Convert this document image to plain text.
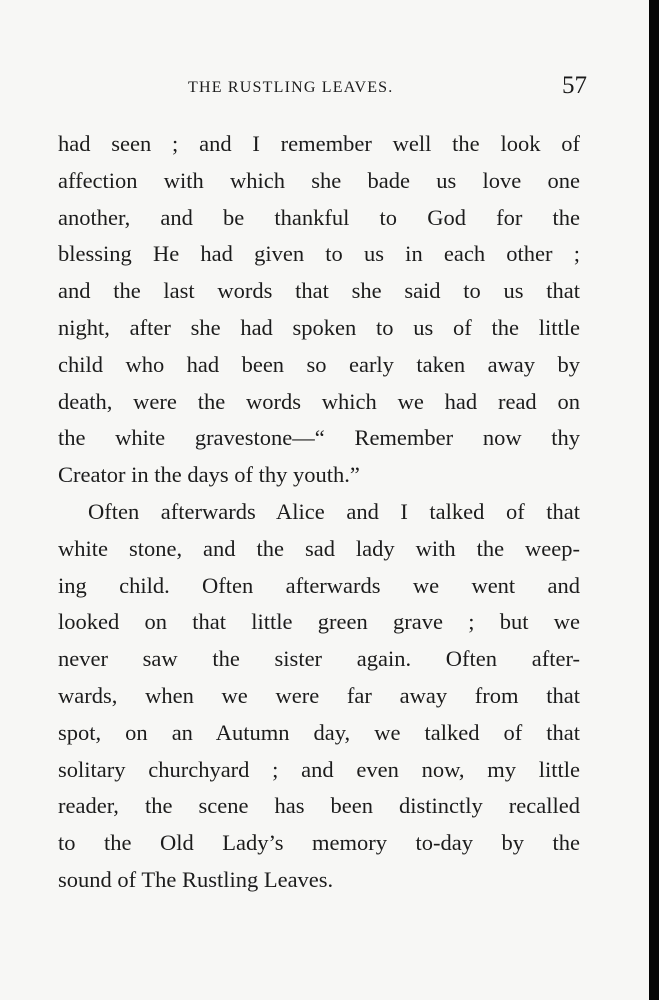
THE RUSTLING LEAVES.	57
had seen ; and I remember well the look of
affection with which she bade us love one
another, and be thankful to God for the
blessing He had given to us in each other ;
and the last words that she said to us that
night, after she had spoken to us of the little
child who had been so early taken away by
death, were the words which we had read on
the white gravestone—“ Remember now thy
Creator in the days of thy youth.”
Often afterwards Alice and I talked of that
white stone, and the sad lady with the weep-
ing child. Often afterwards we went and
looked on that little green grave ; but we
never saw the sister again. Often after-
wards, when we were far away from that
spot, on an Autumn day, we talked of that
solitary churchyard ; and even now, my little
reader, the scene has been distinctly recalled
to the Old Lady’s memory to-day by the
sound of The Rustling Leaves.
